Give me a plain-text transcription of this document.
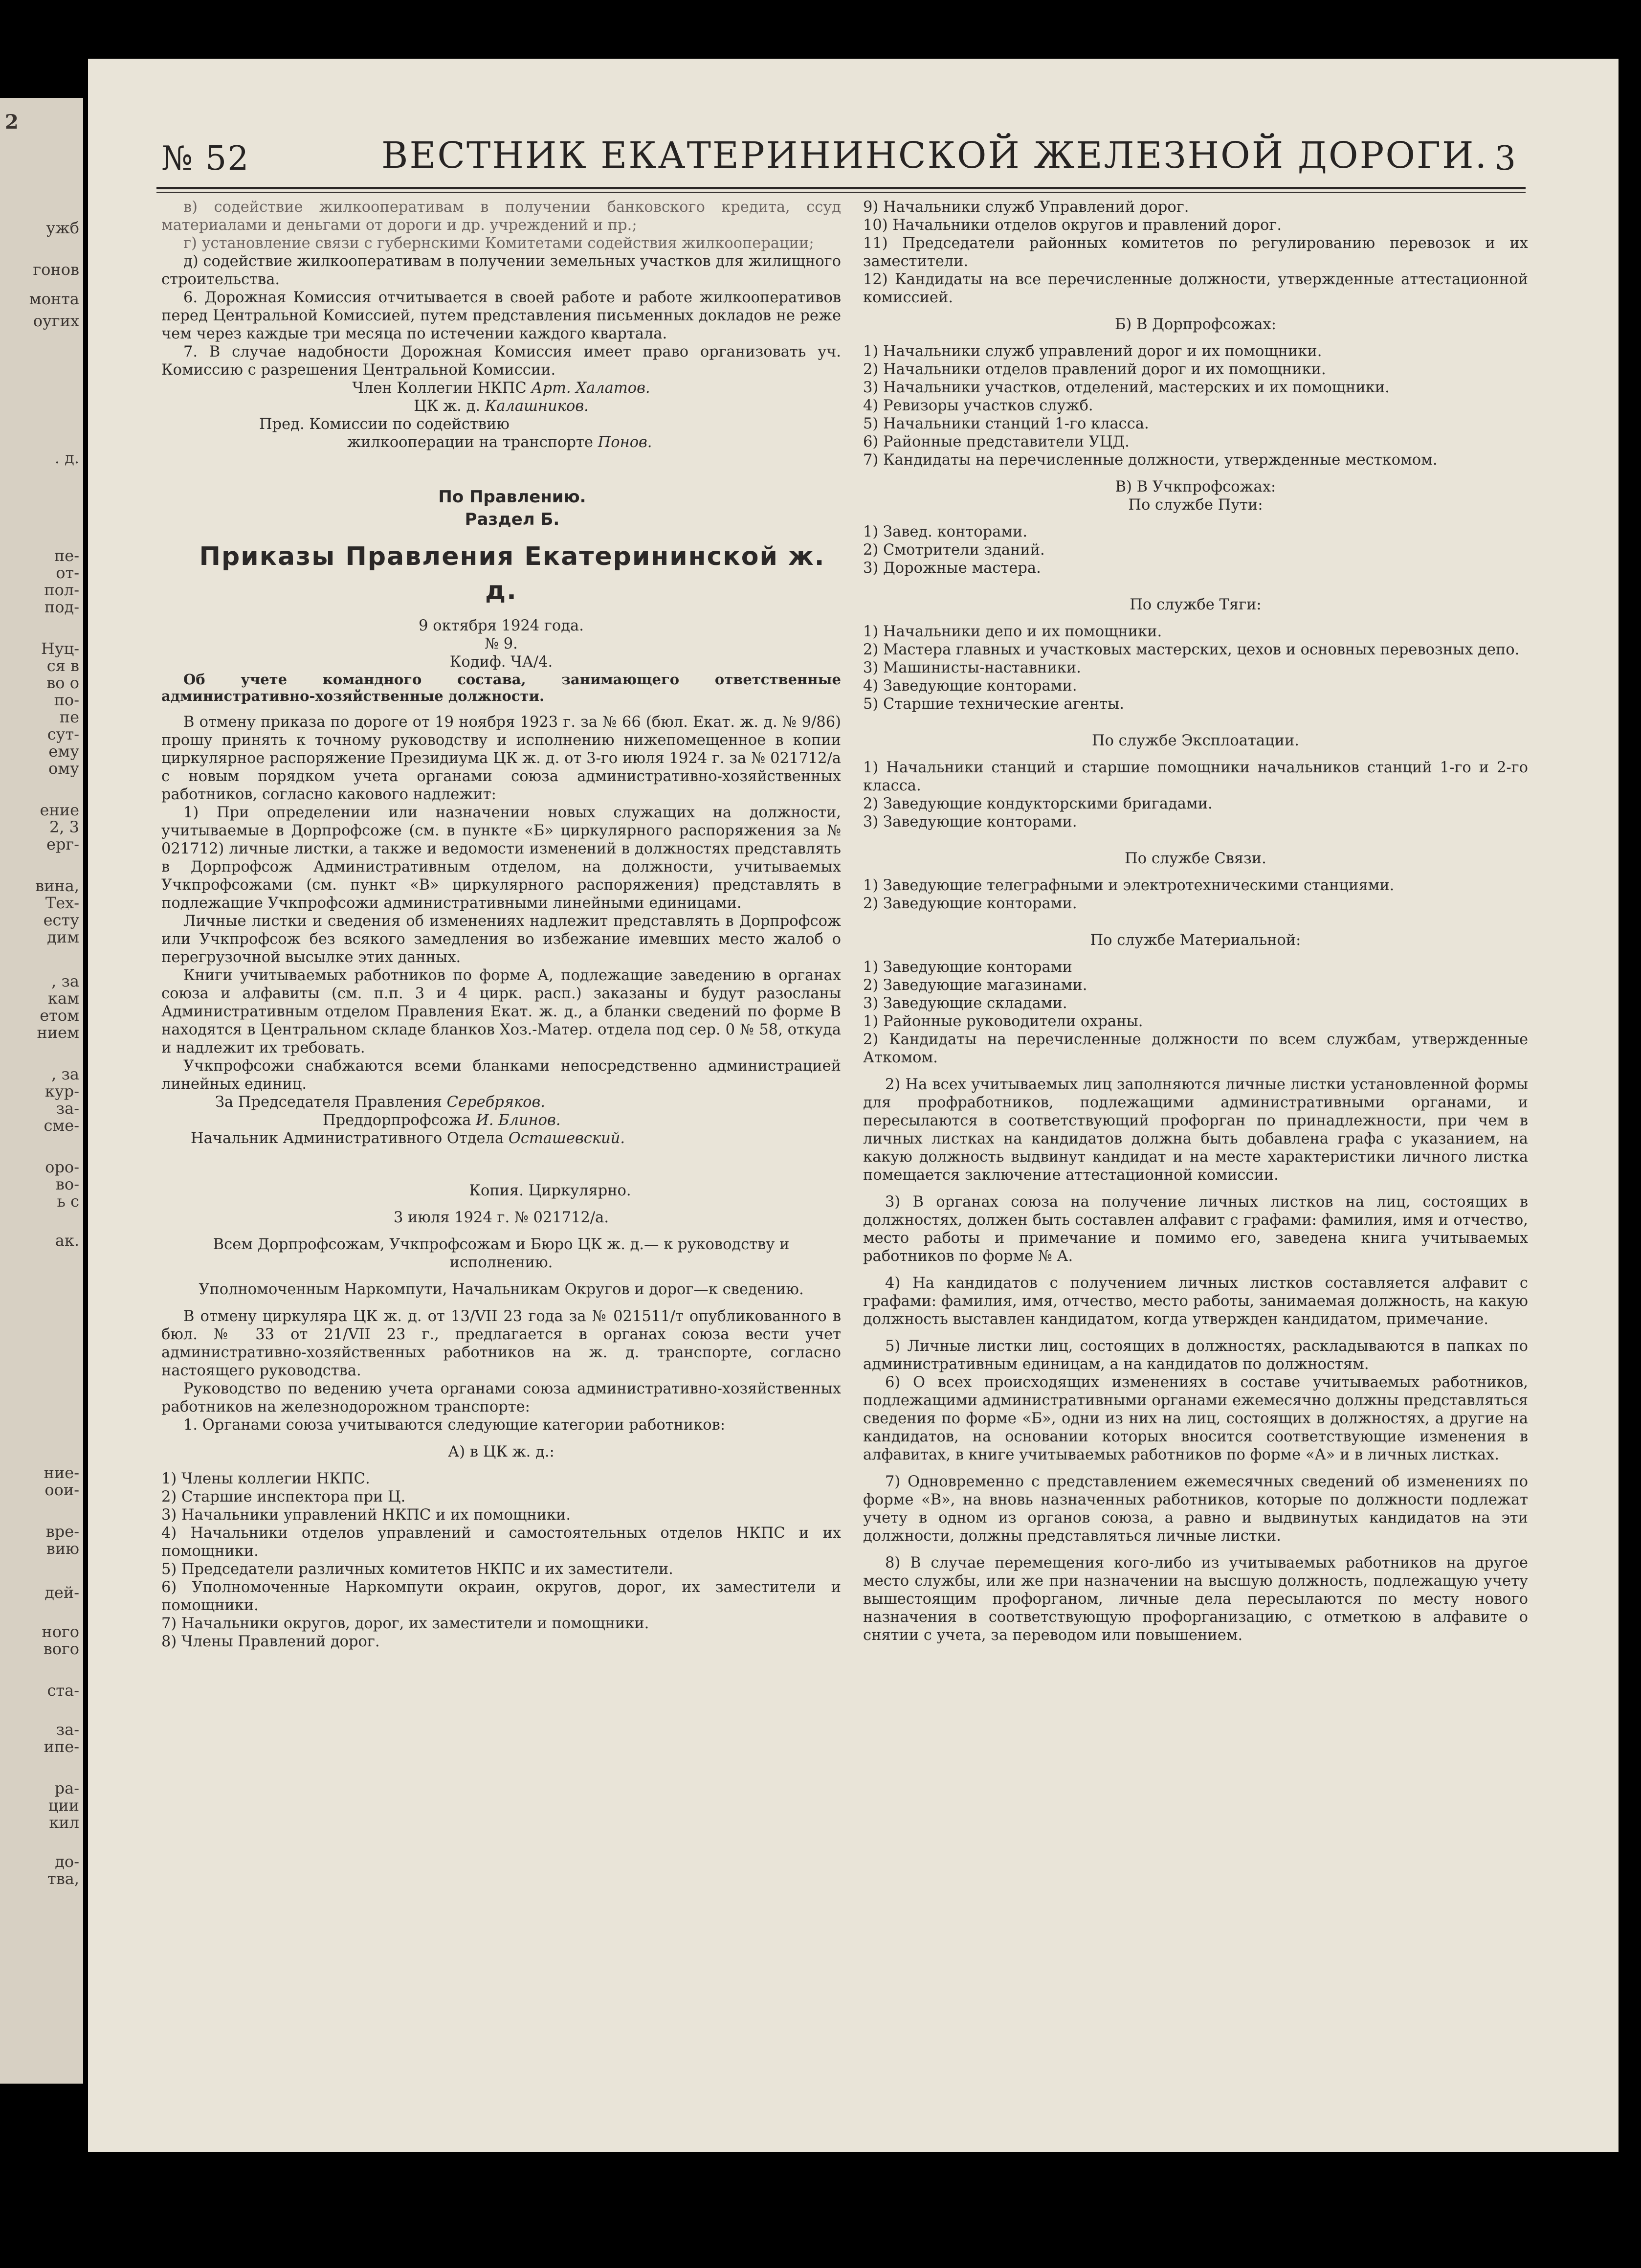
2
ужб
гонов
монта
оугих
. д.
пе-
от-
пол-
под-
Нуц-
ся в
во о
по-
пе
сут-
ему
ому
ение
2, 3
ерг-
вина,
Тех-
есту
дим
, за
кам
етом
нием
, за
кур-
за-
сме-
оро-
во-
ь с
ак.
ние-
оои-
вре-
вию
дей-
ного
вого
ста-
за-
ипе-
ра-
ции
кил
до-
тва,
№ 52	ВЕСТНИК ЕКАТЕРИНИНСКОЙ ЖЕЛЕЗНОЙ ДОРОГИ. 3

в) содействие жилкооперативам в получении банковского кредита, ссуд материалами и деньгами от дороги и др. учреждений и пр.;

г) установление связи с губернскими Комитетами содействия жилкооперации;

д) содействие жилкооперативам в получении земельных участков для жилищного строительства.

6. Дорожная Комиссия отчитывается в своей работе и работе жилкооперативов перед Центральной Комиссией, путем представления письменных докладов не реже чем через каждые три месяца по истечении каждого квартала.

7. В случае надобности Дорожная Комиссия имеет право организовать уч. Комиссию с разрешения Центральной Комиссии.

Член Коллегии НКПС Арт. Халатов.

ЦК ж. д. Калашников.

Пред. Комиссии по содействию

жилкооперации на транспорте Понов.

По Правлению.

Раздел Б.

Приказы Правления Екатерининской ж. д.

9 октября 1924 года.

№ 9.

Кодиф. ЧА/4.

Об учете командного состава, занимающего ответственные административно-хозяйственные должности.

В отмену приказа по дороге от 19 ноября 1923 г. за № 66 (бюл. Екат. ж. д. № 9/86) прошу принять к точному руководству и исполнению нижепомещенное в копии циркулярное распоряжение Президиума ЦК ж. д. от 3-го июля 1924 г. за № 021712/а с новым порядком учета органами союза административно-хозяйственных работников, согласно какового надлежит:

1) При определении или назначении новых служащих на должности, учитываемые в Дорпрофсоже (см. в пункте «Б» циркулярного распоряжения за № 021712) личные листки, а также и ведомости изменений в должностях представлять в Дорпрофсож Административным отделом, на должности, учитываемых Учкпрофсожами (см. пункт «В» циркулярного распоряжения) представлять в подлежащие Учкпрофсожи административными линейными единицами.

Личные листки и сведения об изменениях надлежит представлять в Дорпрофсож или Учкпрофсож без всякого замедления во избежание имевших место жалоб о перегрузочной высылке этих данных.

Книги учитываемых работников по форме А, подлежащие заведению в органах союза и алфавиты (см. п.п. 3 и 4 цирк. расп.) заказаны и будут разосланы Административным отделом Правления Екат. ж. д., а бланки сведений по форме В находятся в Центральном складе бланков Хоз.-Матер. отдела под сер. 0 № 58, откуда и надлежит их требовать.

Учкпрофсожи снабжаются всеми бланками непосредственно администрацией линейных единиц.

За Председателя Правления Серебряков.

Преддорпрофсожа И. Блинов.

Начальник Административного Отдела Осташевский.

Копия. Циркулярно.

3 июля 1924 г. № 021712/а.

Всем Дорпрофсожам, Учкпрофсожам и Бюро ЦК ж. д.— к руководству и исполнению.

Уполномоченным Наркомпути, Начальникам Округов и дорог—к сведению.

В отмену циркуляра ЦК ж. д. от 13/VII 23 года за № 021511/т опубликованного в бюл. № 33 от 21/VII 23 г., предлагается в органах союза вести учет административно-хозяйственных работников на ж. д. транспорте, согласно настоящего руководства.

Руководство по ведению учета органами союза административно-хозяйственных работников на железнодорожном транспорте:

1. Органами союза учитываются следующие категории работников:

А) в ЦК ж. д.:

1) Члены коллегии НКПС.

2) Старшие инспектора при Ц.

3) Начальники управлений НКПС и их помощники.

4) Начальники отделов управлений и самостоятельных отделов НКПС и их помощники.

5) Председатели различных комитетов НКПС и их заместители.

6) Уполномоченные Наркомпути окраин, округов, дорог, их заместители и помощники.

7) Начальники округов, дорог, их заместители и помощники.

8) Члены Правлений дорог.

9) Начальники служб Управлений дорог.

10) Начальники отделов округов и правлений дорог.

11) Председатели районных комитетов по регулированию перевозок и их заместители.

12) Кандидаты на все перечисленные должности, утвержденные аттестационной комиссией.

Б) В Дорпрофсожах:

1) Начальники служб управлений дорог и их помощники.

2) Начальники отделов правлений дорог и их помощники.

3) Начальники участков, отделений, мастерских и их помощники.

4) Ревизоры участков служб.

5) Начальники станций 1-го класса.

6) Районные представители УЦД.

7) Кандидаты на перечисленные должности, утвержденные месткомом.

В) В Учкпрофсожах:

По службе Пути:

1) Завед. конторами.

2) Смотрители зданий.

3) Дорожные мастера.

По службе Тяги:

1) Начальники депо и их помощники.

2) Мастера главных и участковых мастерских, цехов и основных перевозных депо.

3) Машинисты-наставники.

4) Заведующие конторами.

5) Старшие технические агенты.

По службе Эксплоатации.

1) Начальники станций и старшие помощники начальников станций 1-го и 2-го класса.

2) Заведующие кондукторскими бригадами.

3) Заведующие конторами.

По службе Связи.

1) Заведующие телеграфными и электротехническими станциями.

2) Заведующие конторами.

По службе Материальной:

1) Заведующие конторами

2) Заведующие магазинами.

3) Заведующие складами.

1) Районные руководители охраны.

2) Кандидаты на перечисленные должности по всем службам, утвержденные Аткомом.

2) На всех учитываемых лиц заполняются личные листки установленной формы для профработников, подлежащими административными органами, и пересылаются в соответствующий профорган по принадлежности, при чем в личных листках на кандидатов должна быть добавлена графа с указанием, на какую должность выдвинут кандидат и на месте характеристики личного листка помещается заключение аттестационной комиссии.

3) В органах союза на получение личных листков на лиц, состоящих в должностях, должен быть составлен алфавит с графами: фамилия, имя и отчество, место работы и примечание и помимо его, заведена книга учитываемых работников по форме № А.

4) На кандидатов с получением личных листков составляется алфавит с графами: фамилия, имя, отчество, место работы, занимаемая должность, на какую должность выставлен кандидатом, когда утвержден кандидатом, примечание.

5) Личные листки лиц, состоящих в должностях, раскладываются в папках по административным единицам, а на кандидатов по должностям.

6) О всех происходящих изменениях в составе учитываемых работников, подлежащими административными органами ежемесячно должны представляться сведения по форме «Б», одни из них на лиц, состоящих в должностях, а другие на кандидатов, на основании которых вносится соответствующие изменения в алфавитах, в книге учитываемых работников по форме «А» и в личных листках.

7) Одновременно с представлением ежемесячных сведений об изменениях по форме «В», на вновь назначенных работников, которые по должности подлежат учету в одном из органов союза, а равно и выдвинутых кандидатов на эти должности, должны представляться личные листки.

8) В случае перемещения кого-либо из учитываемых работников на другое место службы, или же при назначении на высшую должность, подлежащую учету вышестоящим профорганом, личные дела пересылаются по месту нового назначения в соответствующую профорганизацию, с отметкою в алфавите о снятии с учета, за переводом или повышением.
